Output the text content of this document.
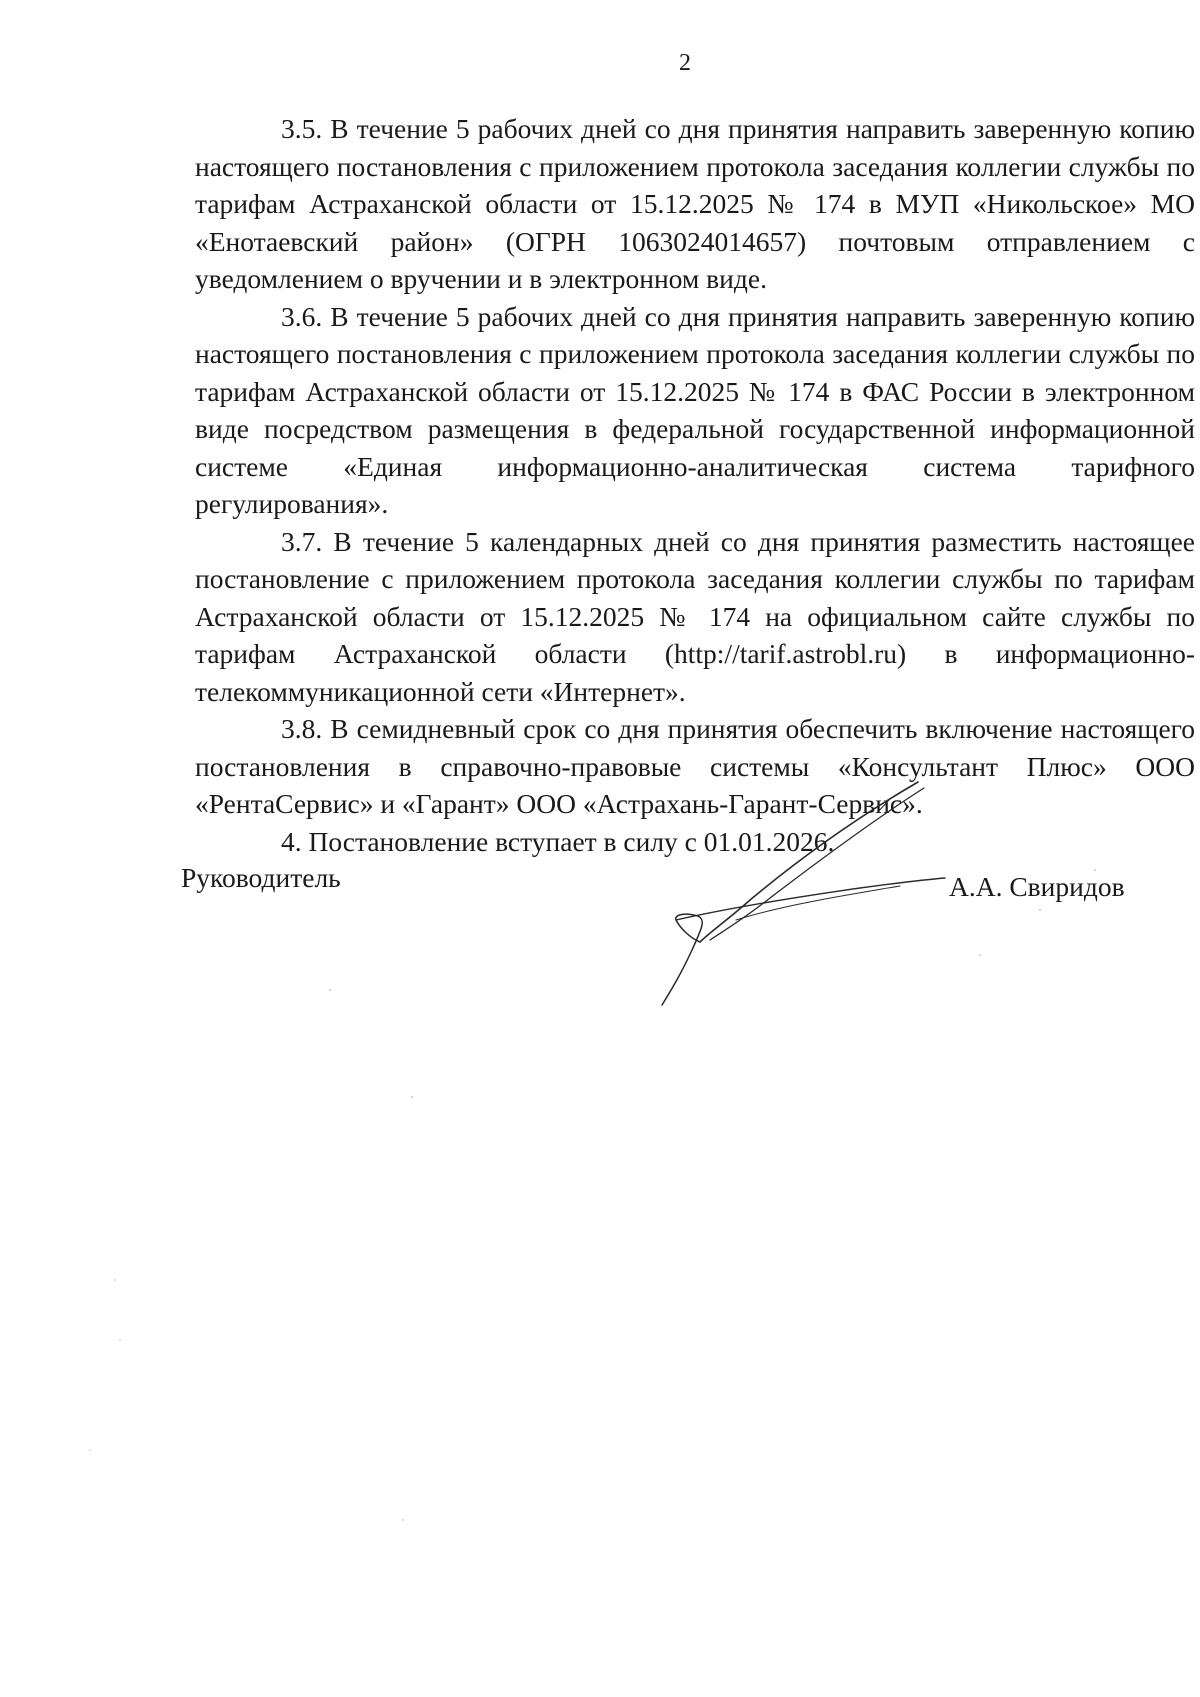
2

3.5. В течение 5 рабочих дней со дня принятия направить заверенную копию настоящего постановления с приложением протокола заседания коллегии службы по тарифам Астраханской области от 15.12.2025 № 174 в МУП «Никольское» МО «Енотаевский район» (ОГРН 1063024014657) почтовым отправлением с уведомлением о вручении и в электронном виде.

3.6. В течение 5 рабочих дней со дня принятия направить заверенную копию настоящего постановления с приложением протокола заседания коллегии службы по тарифам Астраханской области от 15.12.2025 № 174 в ФАС России в электронном виде посредством размещения в федеральной государственной информационной системе «Единая информационно-аналитическая система тарифного регулирования».

3.7. В течение 5 календарных дней со дня принятия разместить настоящее постановление с приложением протокола заседания коллегии службы по тарифам Астраханской области от 15.12.2025 № 174 на официальном сайте службы по тарифам Астраханской области (http://tarif.astrobl.ru) в информационно-телекоммуникационной сети «Интернет».

3.8. В семидневный срок со дня принятия обеспечить включение настоящего постановления в справочно-правовые системы «Консультант Плюс» ООО «РентаСервис» и «Гарант» ООО «Астрахань-Гарант-Сервис».

4. Постановление вступает в силу с 01.01.2026.

Руководитель	А.А. Свиридов
